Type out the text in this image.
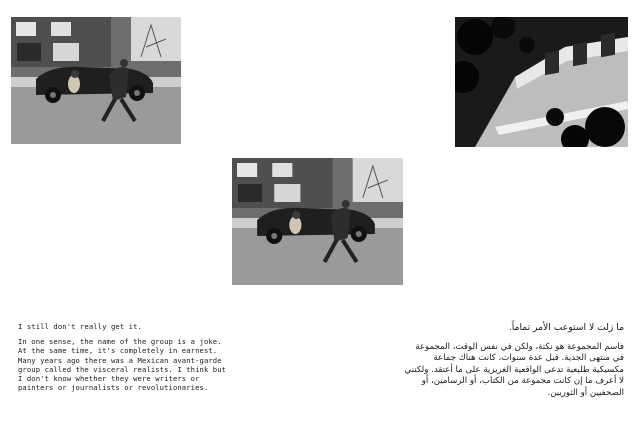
I still don't really get it.

In one sense, the name of the group is a joke. At the same time, it's completely in earnest. Many years ago there was a Mexican avant-garde group called the visceral realists. I think but I don't know whether they were writers or painters or journalists or revolutionaries.

ما زلت لا استوعب الأمر تماماً.

فاسم المجموعة هو نكتة، ولكن في نفس الوقت، المجموعة في منتهى الجدية. قبل عدة سنوات، كانت هناك جماعة مكسيكية طليعية تدعى الواقعية الغريزية على ما أعتقد. ولكنني لا أعرف ما إن كانت مجموعة من الكتاب، أو الرسامين، أو الصحفيين أو الثوريين.
